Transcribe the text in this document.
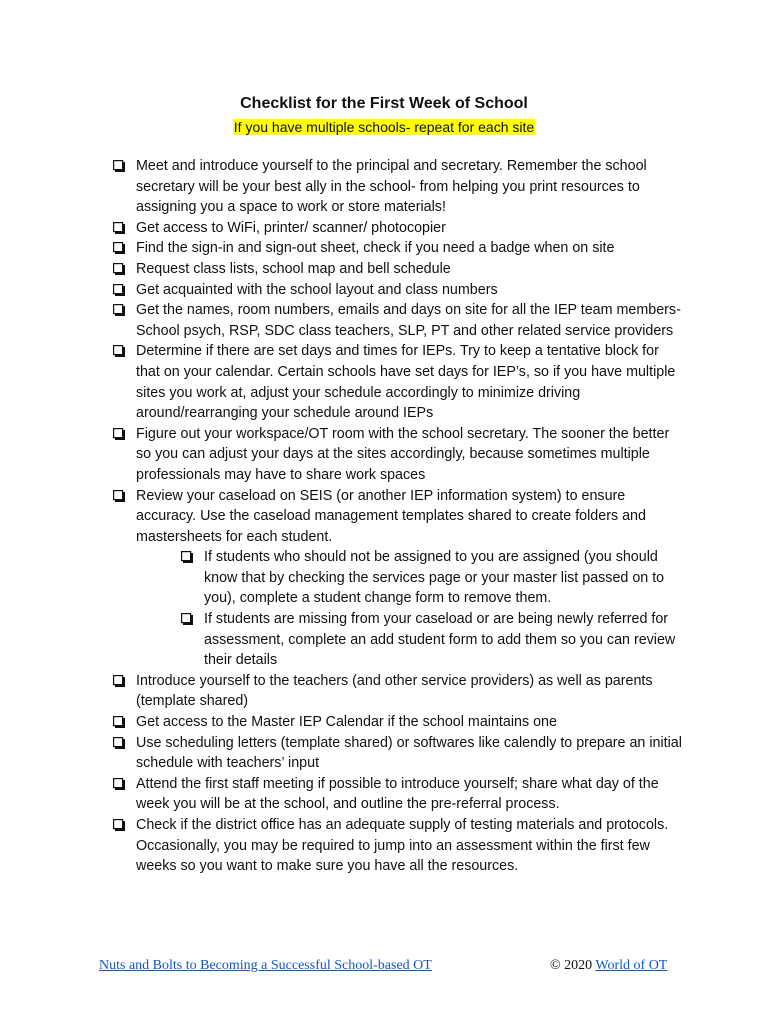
Checklist for the First Week of School
If you have multiple schools- repeat for each site
Meet and introduce yourself to the principal and secretary. Remember the school secretary will be your best ally in the school- from helping you print resources to assigning you a space to work or store materials!
Get access to WiFi, printer/ scanner/ photocopier
Find the sign-in and sign-out sheet, check if you need a badge when on site
Request class lists, school map and bell schedule
Get acquainted with the school layout and class numbers
Get the names, room numbers, emails and days on site for all the IEP team members- School psych, RSP, SDC class teachers, SLP, PT and other related service providers
Determine if there are set days and times for IEPs. Try to keep a tentative block for that on your calendar. Certain schools have set days for IEP’s, so if you have multiple sites you work at, adjust your schedule accordingly to minimize driving around/rearranging your schedule around IEPs
Figure out your workspace/OT room with the school secretary. The sooner the better so you can adjust your days at the sites accordingly, because sometimes multiple professionals may have to share work spaces
Review your caseload on SEIS (or another IEP information system) to ensure accuracy. Use the caseload management templates shared to create folders and mastersheets for each student.
If students who should not be assigned to you are assigned (you should know that by checking the services page or your master list passed on to you), complete a student change form to remove them.
If students are missing from your caseload or are being newly referred for assessment, complete an add student form to add them so you can review their details
Introduce yourself to the teachers (and other service providers) as well as parents (template shared)
Get access to the Master IEP Calendar if the school maintains one
Use scheduling letters (template shared) or softwares like calendly to prepare an initial schedule with teachers’ input
Attend the first staff meeting if possible to introduce yourself; share what day of the week you will be at the school, and outline the pre-referral process.
Check if the district office has an adequate supply of testing materials and protocols. Occasionally, you may be required to jump into an assessment within the first few weeks so you want to make sure you have all the resources.
Nuts and Bolts to Becoming a Successful School-based OT	© 2020 World of OT
